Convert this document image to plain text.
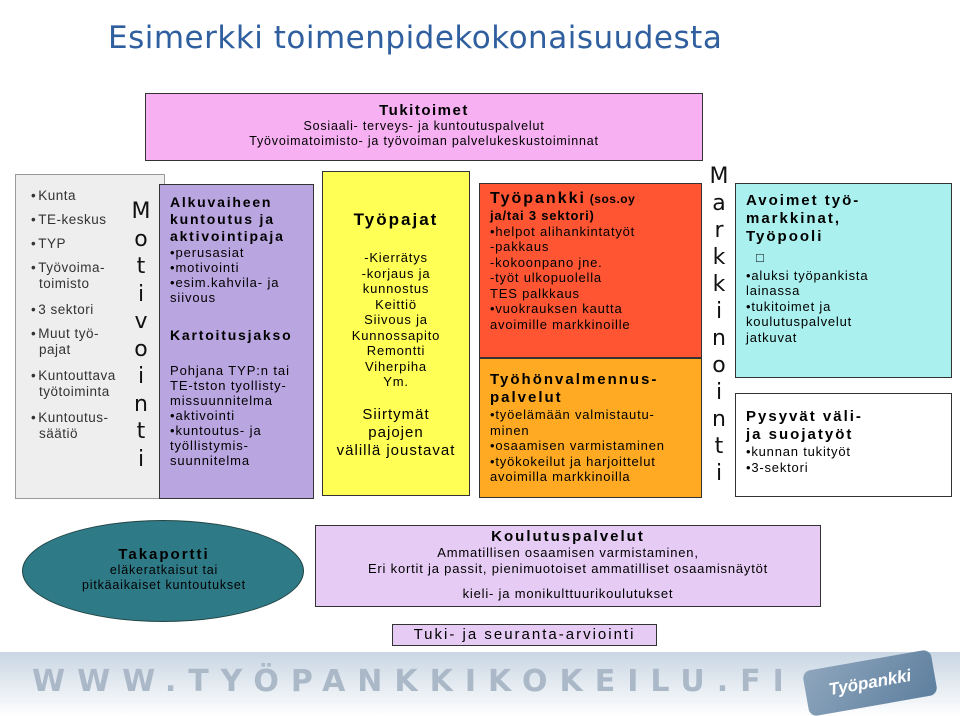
Esimerkki toimenpidekokonaisuudesta
Tukitoimet
Sosiaali- terveys- ja kuntoutuspalvelut
Työvoimatoimisto- ja työvoiman palvelukeskustoiminnat
• Kunta
• TE-keskus
• TYP
• Työvoima-
toimisto
• 3 sektori
• Muut työ-
pajat
• Kuntouttava
työtoiminta
• Kuntoutus-
säätiö
M
o
t
i
v
o
i
n
t
i
M
a
r
k
k
i
n
o
i
n
t
i
Alkuvaiheen kuntoutus ja aktivointipaja
•perusasiat
•motivointi
•esim.kahvila- ja
siivous
Kartoitusjakso
Pohjana TYP:n tai
TE-tston tyollisty-
missuunnitelma
•aktivointi
•kuntoutus- ja
työllistymis-
suunnitelma
Työpajat
-Kierrätys
-korjaus ja
kunnostus
Keittiö
Siivous ja
Kunnossapito
Remontti
Viherpiha
Ym.
Siirtymät
pajojen
välillä joustavat
Työpankki (sos.oy
ja/tai 3 sektori)
•helpot alihankintatyöt
-pakkaus
-kokoonpano jne.
-työt ulkopuolella
TES palkkaus
•vuokrauksen kautta
avoimille markkinoille
Työhönvalmennus-
palvelut
•työelämään valmistautu-
minen
•osaamisen varmistaminen
•työkokeilut ja harjoittelut
avoimilla markkinoilla
Avoimet työ-
markkinat,
Työpooli
□
•aluksi työpankista
lainassa
•tukitoimet ja
koulutuspalvelut
jatkuvat
Pysyvät väli-
ja suojatyöt
•kunnan tukityöt
•3-sektori
Takaportti
eläkeratkaisut tai
pitkäaikaiset kuntoutukset
Koulutuspalvelut
Ammatillisen osaamisen varmistaminen,
Eri kortit ja passit, pienimuotoiset ammatilliset osaamisnäytöt
kieli- ja monikulttuurikoulutukset
Tuki- ja seuranta-arviointi
WWW.TYÖPANKKIKOKEILU.FI	Työpankki
